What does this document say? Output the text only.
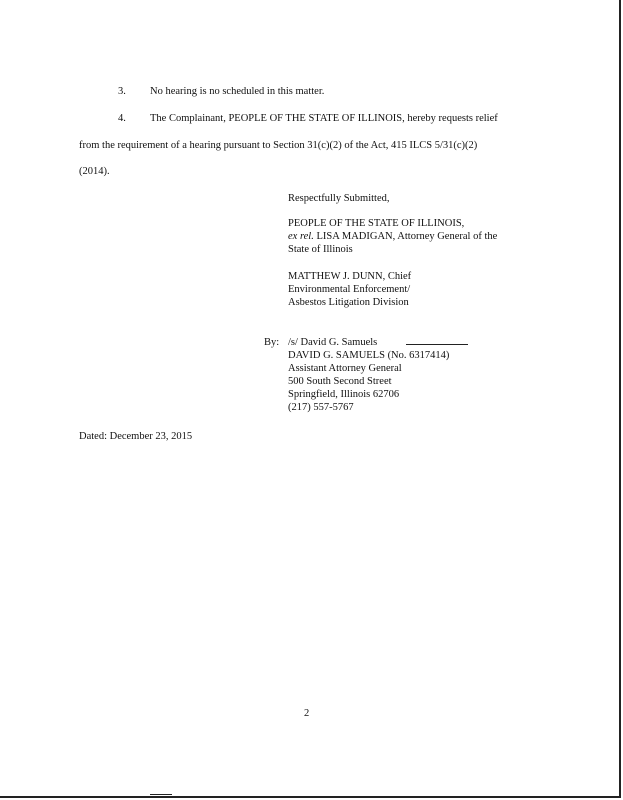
3. No hearing is no scheduled in this matter.
4. The Complainant, PEOPLE OF THE STATE OF ILLINOIS, hereby requests relief
from the requirement of a hearing pursuant to Section 31(c)(2) of the Act, 415 ILCS 5/31(c)(2)
(2014).
Respectfully Submitted,
PEOPLE OF THE STATE OF ILLINOIS,
ex rel. LISA MADIGAN, Attorney General of the
State of Illinois
MATTHEW J. DUNN, Chief
Environmental Enforcement/
Asbestos Litigation Division
By: /s/ David G. Samuels
DAVID G. SAMUELS (No. 6317414)
Assistant Attorney General
500 South Second Street
Springfield, Illinois 62706
(217) 557-5767
Dated: December 23, 2015
2
